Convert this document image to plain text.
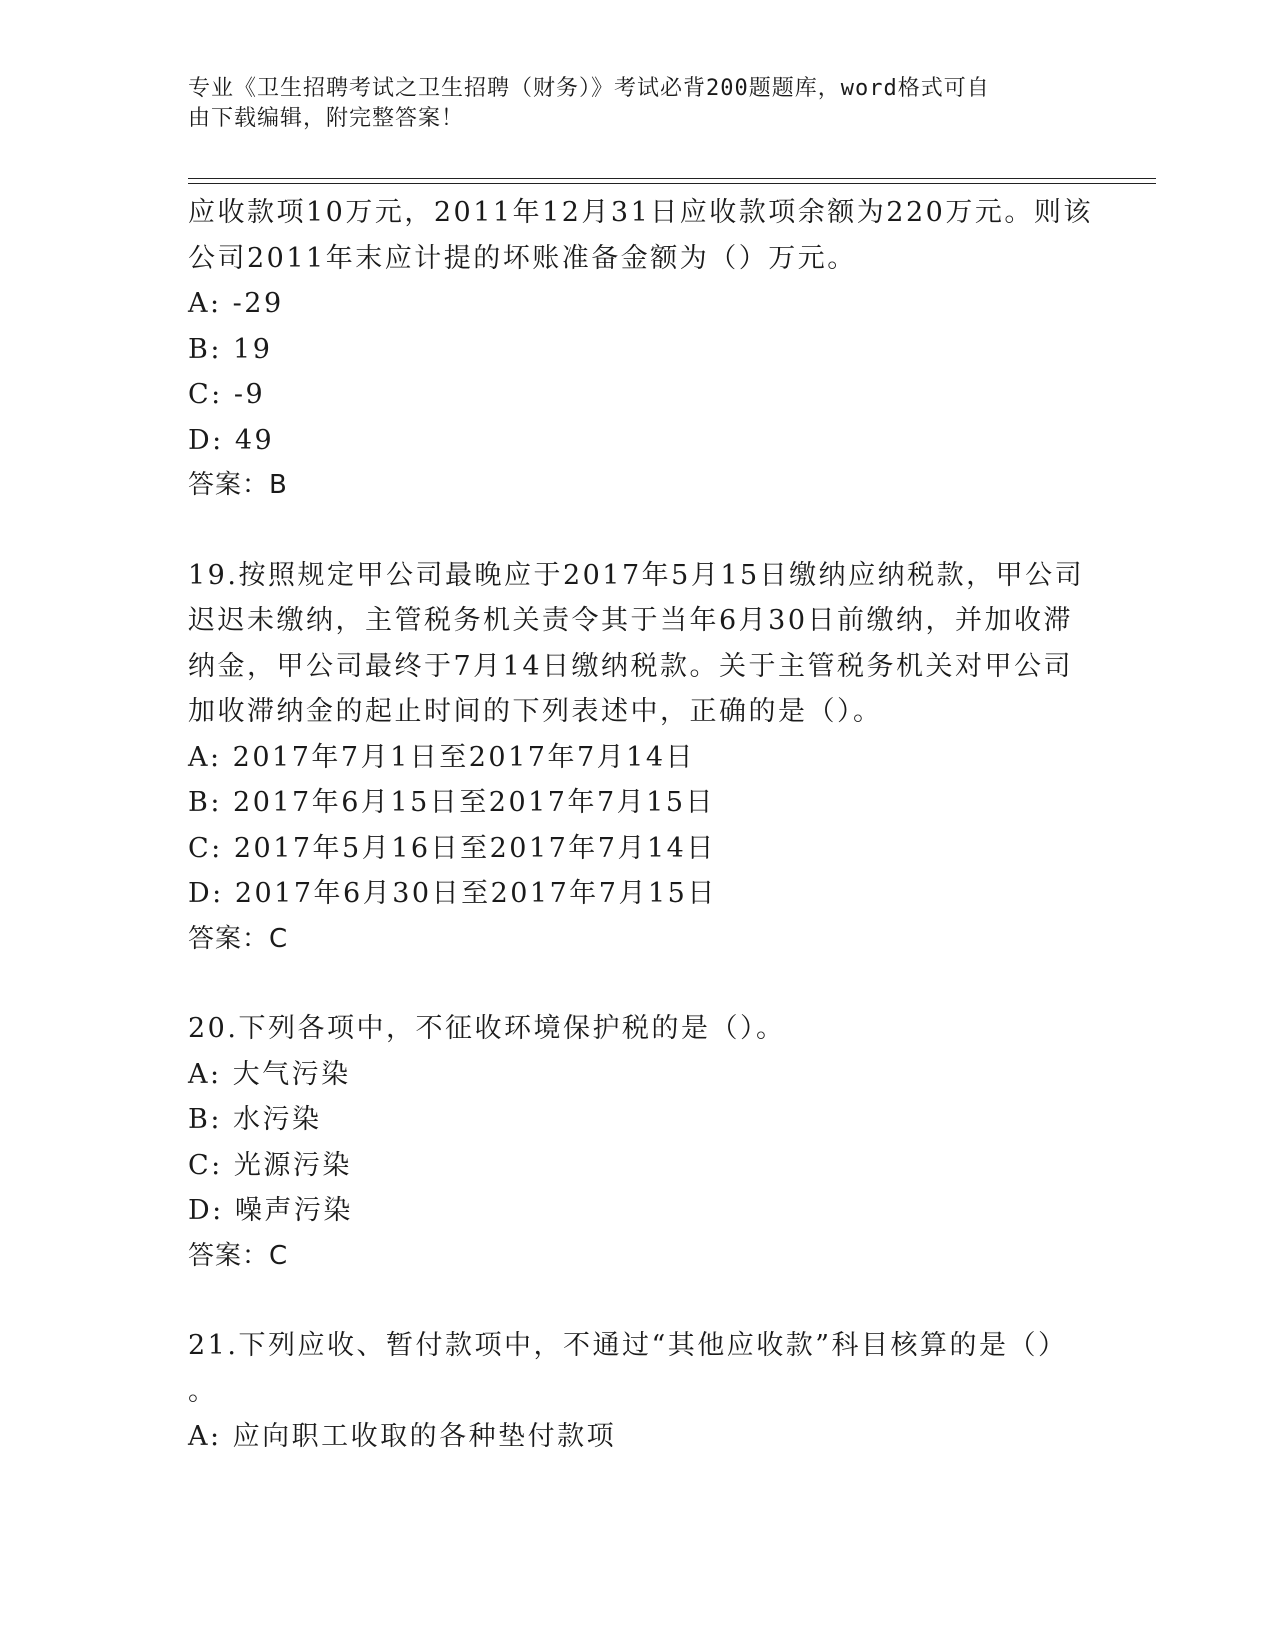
专业《卫生招聘考试之卫生招聘（财务）》考试必背200题题库，word格式可自
由下载编辑，附完整答案！
应收款项10万元，2011年12月31日应收款项余额为220万元。则该
公司2011年末应计提的坏账准备金额为（）万元。
A: -29
B: 19
C: -9
D: 49
答案：B
19.按照规定甲公司最晚应于2017年5月15日缴纳应纳税款，甲公司
迟迟未缴纳，主管税务机关责令其于当年6月30日前缴纳，并加收滞
纳金，甲公司最终于7月14日缴纳税款。关于主管税务机关对甲公司
加收滞纳金的起止时间的下列表述中，正确的是（）。
A: 2017年7月1日至2017年7月14日
B: 2017年6月15日至2017年7月15日
C: 2017年5月16日至2017年7月14日
D: 2017年6月30日至2017年7月15日
答案：C
20.下列各项中，不征收环境保护税的是（）。
A: 大气污染
B: 水污染
C: 光源污染
D: 噪声污染
答案：C
21.下列应收、暂付款项中，不通过“其他应收款”科目核算的是（）
。
A: 应向职工收取的各种垫付款项
